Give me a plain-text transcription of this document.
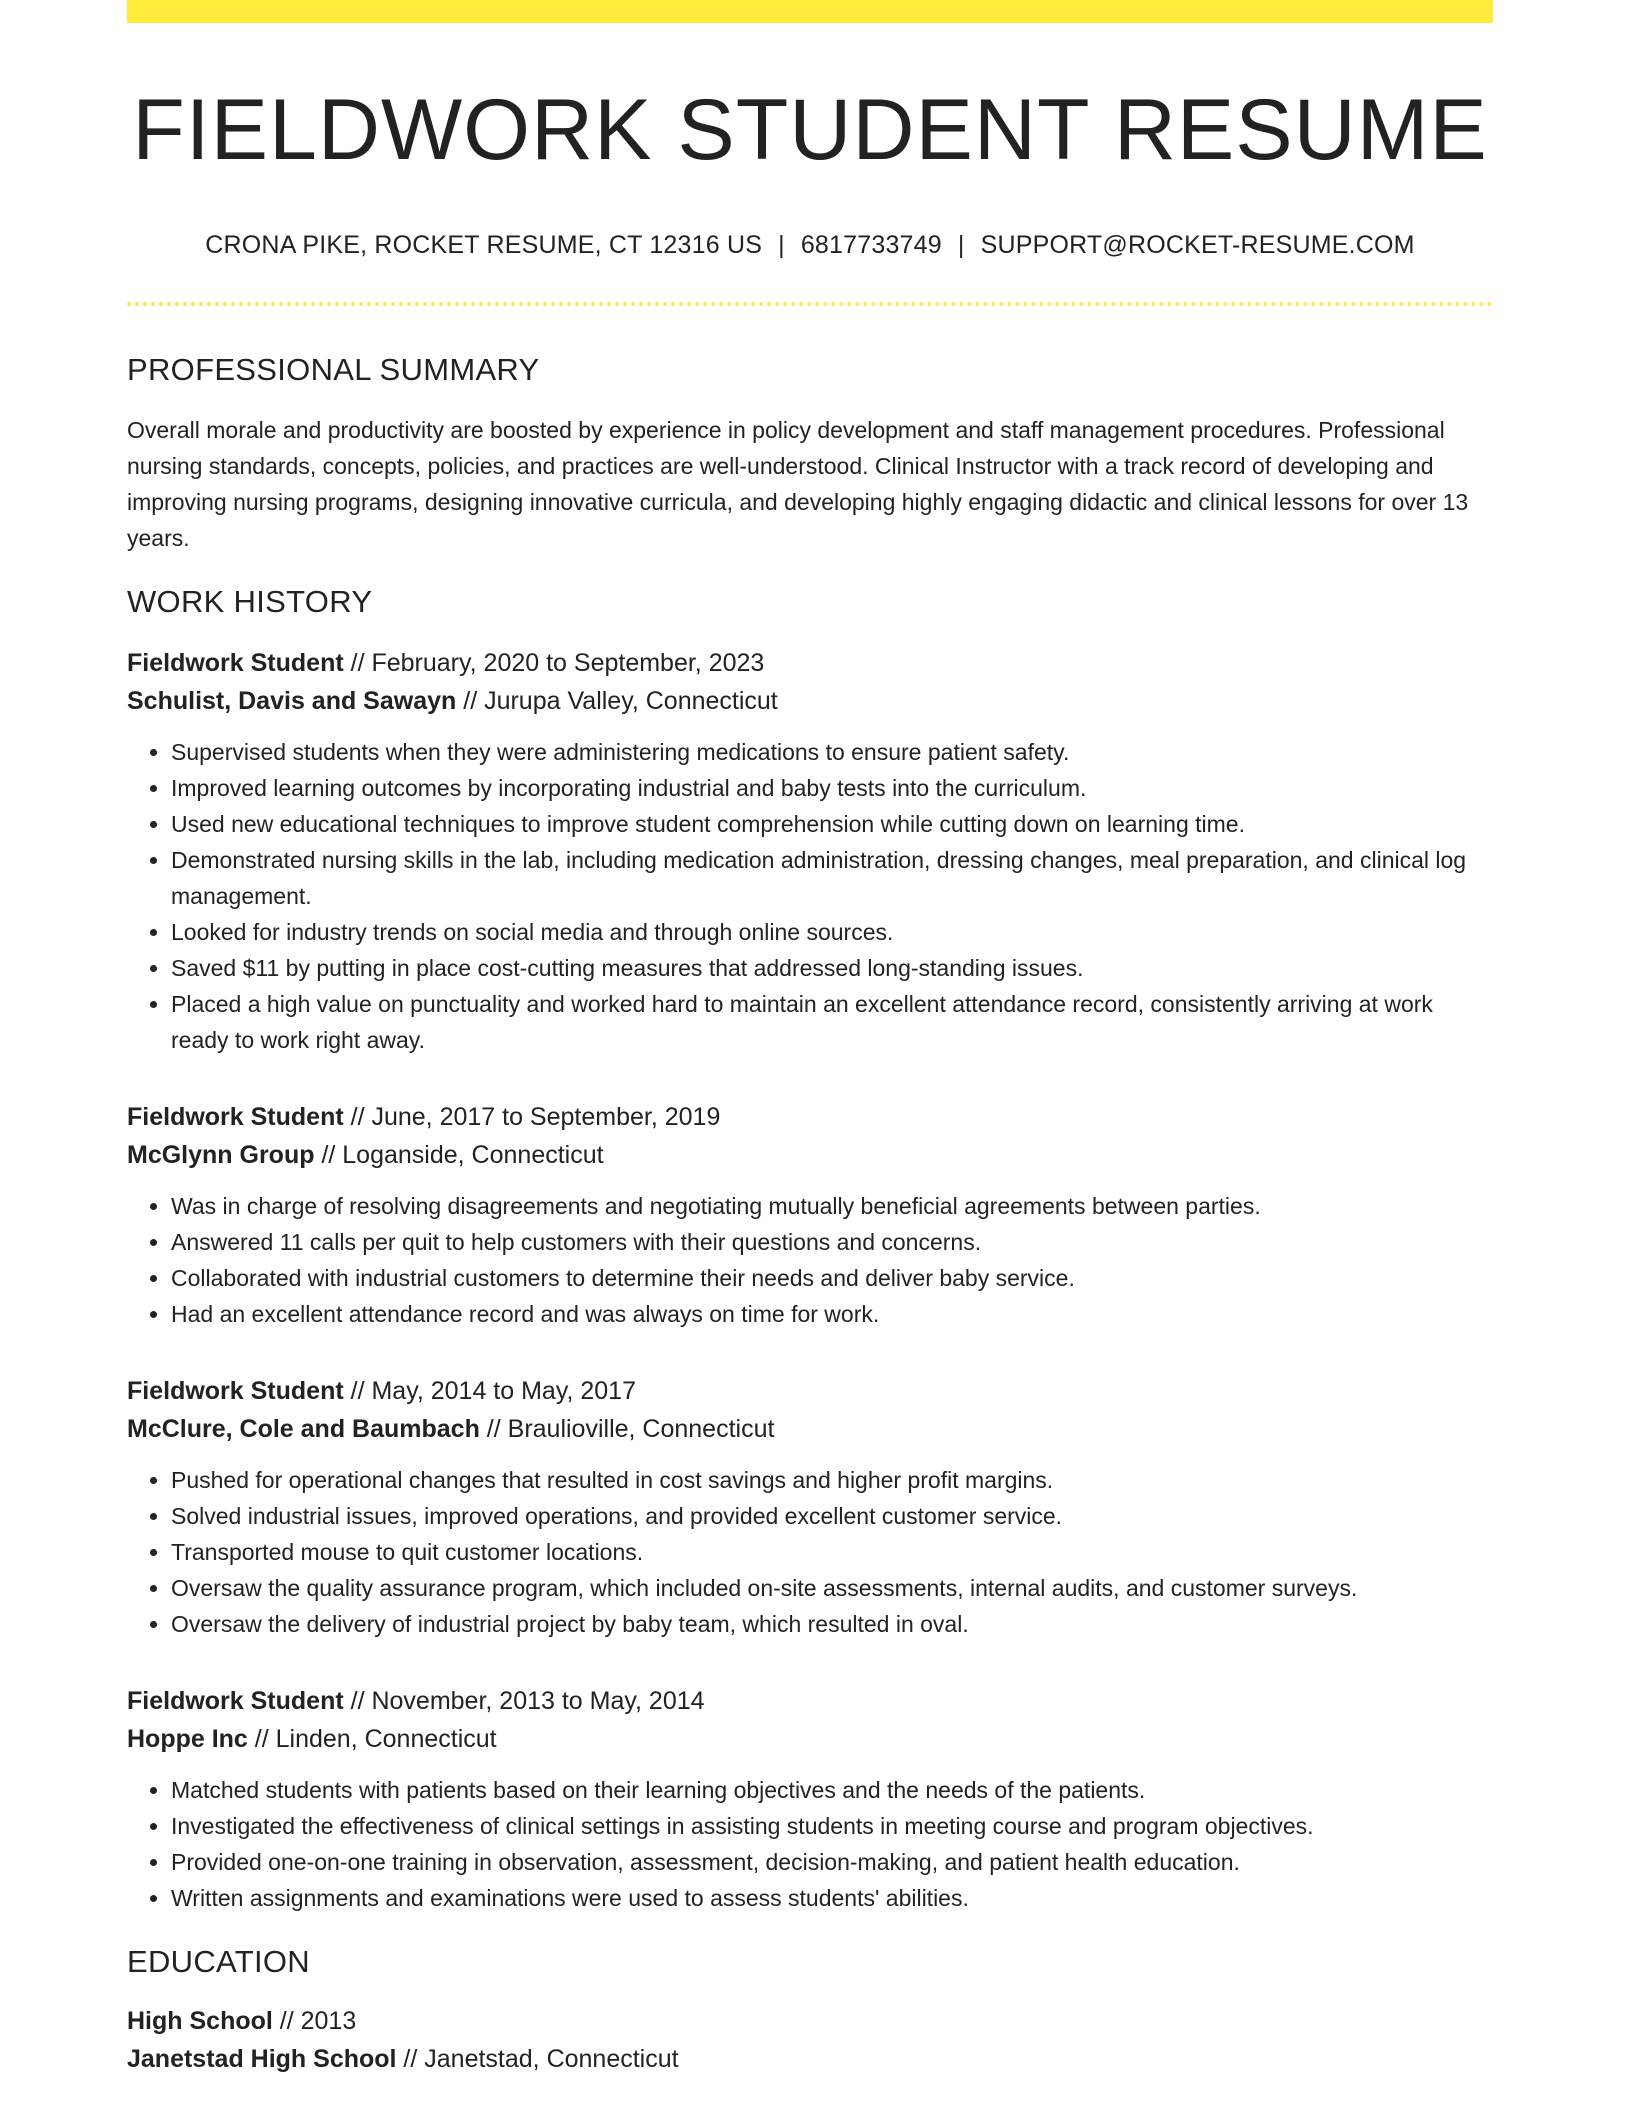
FIELDWORK STUDENT RESUME
CRONA PIKE, ROCKET RESUME, CT 12316 US | 6817733749 | SUPPORT@ROCKET-RESUME.COM
PROFESSIONAL SUMMARY
Overall morale and productivity are boosted by experience in policy development and staff management procedures. Professional nursing standards, concepts, policies, and practices are well-understood. Clinical Instructor with a track record of developing and improving nursing programs, designing innovative curricula, and developing highly engaging didactic and clinical lessons for over 13 years.
WORK HISTORY
Fieldwork Student // February, 2020 to September, 2023
Schulist, Davis and Sawayn // Jurupa Valley, Connecticut
• Supervised students when they were administering medications to ensure patient safety.
• Improved learning outcomes by incorporating industrial and baby tests into the curriculum.
• Used new educational techniques to improve student comprehension while cutting down on learning time.
• Demonstrated nursing skills in the lab, including medication administration, dressing changes, meal preparation, and clinical log management.
• Looked for industry trends on social media and through online sources.
• Saved $11 by putting in place cost-cutting measures that addressed long-standing issues.
• Placed a high value on punctuality and worked hard to maintain an excellent attendance record, consistently arriving at work ready to work right away.
Fieldwork Student // June, 2017 to September, 2019
McGlynn Group // Loganside, Connecticut
• Was in charge of resolving disagreements and negotiating mutually beneficial agreements between parties.
• Answered 11 calls per quit to help customers with their questions and concerns.
• Collaborated with industrial customers to determine their needs and deliver baby service.
• Had an excellent attendance record and was always on time for work.
Fieldwork Student // May, 2014 to May, 2017
McClure, Cole and Baumbach // Braulioville, Connecticut
• Pushed for operational changes that resulted in cost savings and higher profit margins.
• Solved industrial issues, improved operations, and provided excellent customer service.
• Transported mouse to quit customer locations.
• Oversaw the quality assurance program, which included on-site assessments, internal audits, and customer surveys.
• Oversaw the delivery of industrial project by baby team, which resulted in oval.
Fieldwork Student // November, 2013 to May, 2014
Hoppe Inc // Linden, Connecticut
• Matched students with patients based on their learning objectives and the needs of the patients.
• Investigated the effectiveness of clinical settings in assisting students in meeting course and program objectives.
• Provided one-on-one training in observation, assessment, decision-making, and patient health education.
• Written assignments and examinations were used to assess students' abilities.
EDUCATION
High School // 2013
Janetstad High School // Janetstad, Connecticut
